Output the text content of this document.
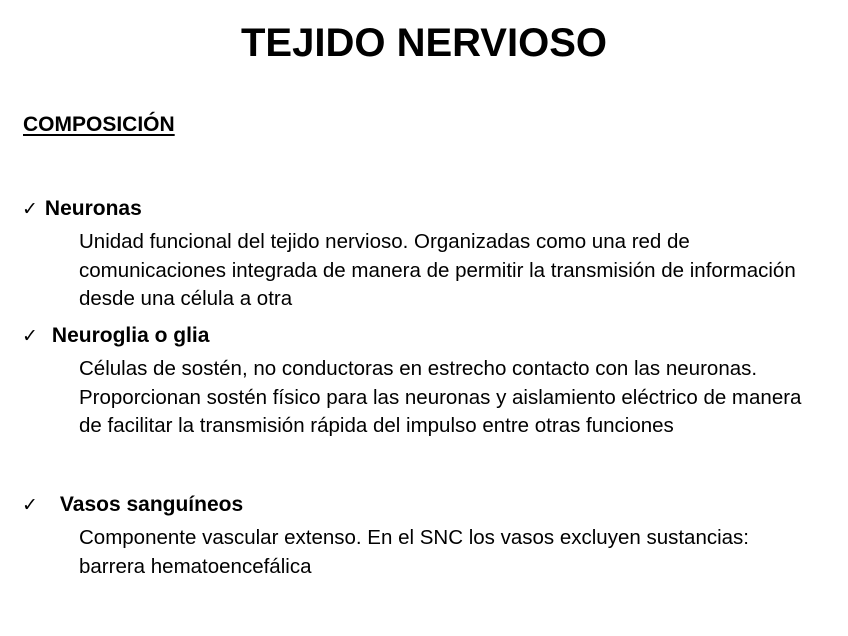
TEJIDO NERVIOSO
COMPOSICIÓN
✓ Neuronas

Unidad funcional del tejido nervioso. Organizadas como una red de comunicaciones integrada de manera de permitir la transmisión de información desde una célula a otra

✓ Neuroglia o glia

Células de sostén, no conductoras en estrecho contacto con las neuronas. Proporcionan sostén físico para las neuronas y aislamiento eléctrico de manera de facilitar la transmisión rápida del impulso entre otras funciones

✓ Vasos sanguíneos

Componente vascular extenso. En el SNC los vasos excluyen sustancias: barrera hematoencefálica
